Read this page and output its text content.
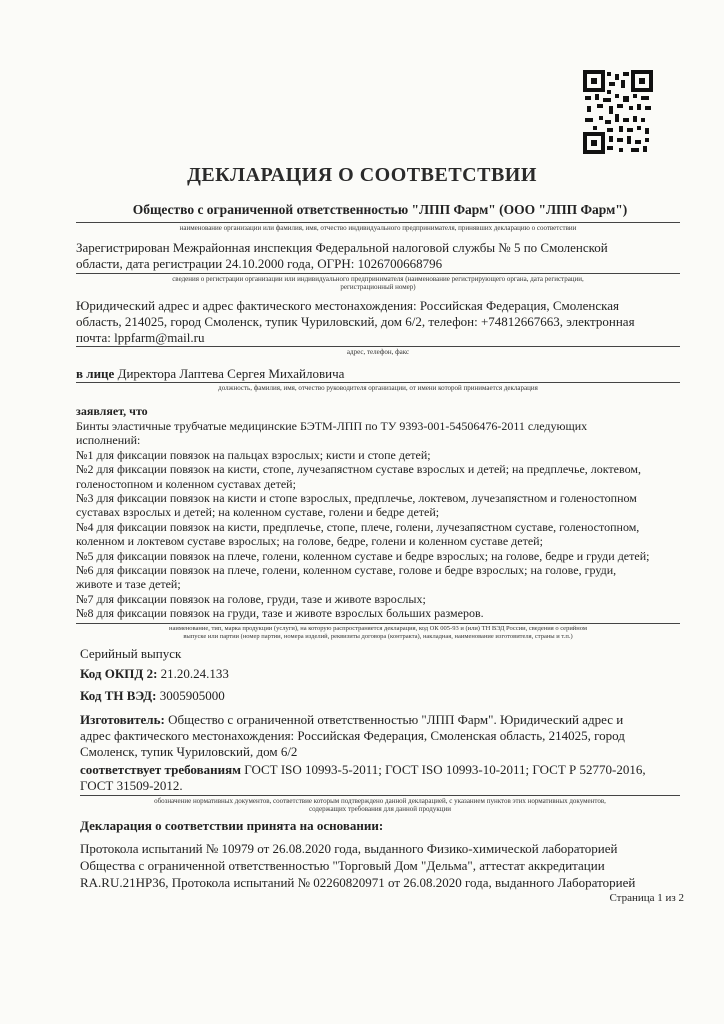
ДЕКЛАРАЦИЯ О СООТВЕТСТВИИ
Общество с ограниченной ответственностью "ЛПП Фарм" (ООО "ЛПП Фарм")
наименование организации или фамилия, имя, отчество индивидуального предпринимателя, принявших декларацию о соответствии

Зарегистрирован Межрайонная инспекция Федеральной налоговой службы № 5 по Смоленской

области, дата регистрации 24.10.2000 года, ОГРН: 1026700668796

сведения о регистрации организации или индивидуального предпринимателя (наименование регистрирующего органа, дата регистрации,
регистрационный номер)

Юридический адрес и адрес фактического местонахождения: Российская Федерация, Смоленская

область, 214025, город Смоленск, тупик Чуриловский, дом 6/2, телефон: +74812667663, электронная

почта: lppfarm@mail.ru

адрес, телефон, факс

в лице Директора Лаптева Сергея Михайловича

должность, фамилия, имя, отчество руководителя организации, от имени которой принимается декларация
заявляет, что

Бинты эластичные трубчатые медицинские БЭТМ-ЛПП по ТУ 9393-001-54506476-2011 следующих

исполнений:

№1 для фиксации повязок на пальцах взрослых; кисти и стопе детей;

№2 для фиксации повязок на кисти, стопе, лучезапястном суставе взрослых и детей; на предплечье, локтевом,

голеностопном и коленном суставах детей;

№3 для фиксации повязок на кисти и стопе взрослых, предплечье, локтевом, лучезапястном и голеностопном

суставах взрослых и детей; на коленном суставе, голени и бедре детей;

№4 для фиксации повязок на кисти, предплечье, стопе, плече, голени, лучезапястном суставе, голеностопном,

коленном и локтевом суставе взрослых; на голове, бедре, голени и коленном суставе детей;

№5 для фиксации повязок на плече, голени, коленном суставе и бедре взрослых; на голове, бедре и груди детей;

№6 для фиксации повязок на плече, голени, коленном суставе, голове и бедре взрослых; на голове, груди,

животе и тазе детей;

№7 для фиксации повязок на голове, груди, тазе и животе взрослых;

№8 для фиксации повязок на груди, тазе и животе взрослых больших размеров.

наименование, тип, марка продукции (услуги), на которую распространяется декларация, код ОК 005-93 и (или) ТН ВЭД России, сведения о серийном
выпуске или партии (номер партии, номера изделий, реквизиты договора (контракта), накладная, наименование изготовителя, страны и т.п.)
Серийный выпуск
Код ОКПД 2: 21.20.24.133
Код ТН ВЭД: 3005905000

Изготовитель: Общество с ограниченной ответственностью "ЛПП Фарм". Юридический адрес и

адрес фактического местонахождения: Российская Федерация, Смоленская область, 214025, город

Смоленск, тупик Чуриловский, дом 6/2

соответствует требованиям ГОСТ ISO 10993-5-2011; ГОСТ ISO 10993-10-2011; ГОСТ Р 52770-2016,

ГОСТ 31509-2012.

обозначение нормативных документов, соответствие которым подтверждено данной декларацией, с указанием пунктов этих нормативных документов,
содержащих требования для данной продукции
Декларация о соответствии принята на основании:

Протокола испытаний № 10979 от 26.08.2020 года, выданного Физико-химической лабораторией

Общества с ограниченной ответственностью "Торговый Дом "Дельма", аттестат аккредитации

RA.RU.21НР36, Протокола испытаний № 02260820971 от 26.08.2020 года, выданного Лабораторией

Страница 1 из 2
